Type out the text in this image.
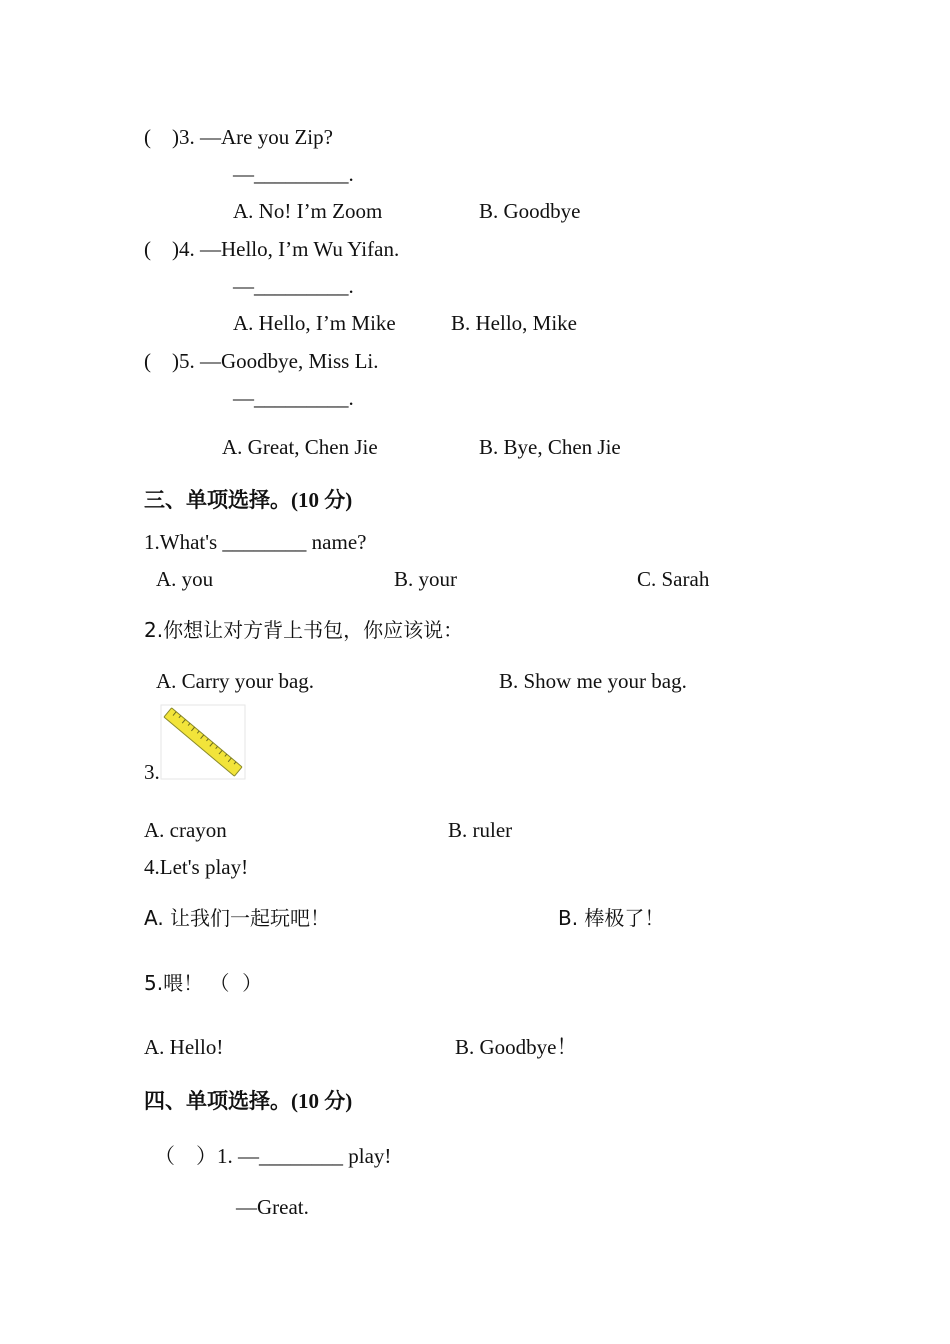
(    )3. —Are you Zip?
—_________.
A. No! I’m Zoom	B. Goodbye
(    )4. —Hello, I’m Wu Yifan.
—_________.
A. Hello, I’m Mike	B. Hello, Mike
(    )5. —Goodbye, Miss Li.
—_________.
A. Great, Chen Jie	B. Bye, Chen Jie
三、单项选择。(10 分)
1.What's ________ name?
A. you	B. your	C. Sarah
2.你想让对方背上书包，你应该说：
A. Carry your bag.	B. Show me your bag.
3.
A. crayon	B. ruler
4.Let's play!
A. 让我们一起玩吧！	B. 棒极了！
5.喂！ （  ）
A. Hello!	B. Goodbye！
四、单项选择。(10 分)
（    ）1. —________ play!
—Great.
